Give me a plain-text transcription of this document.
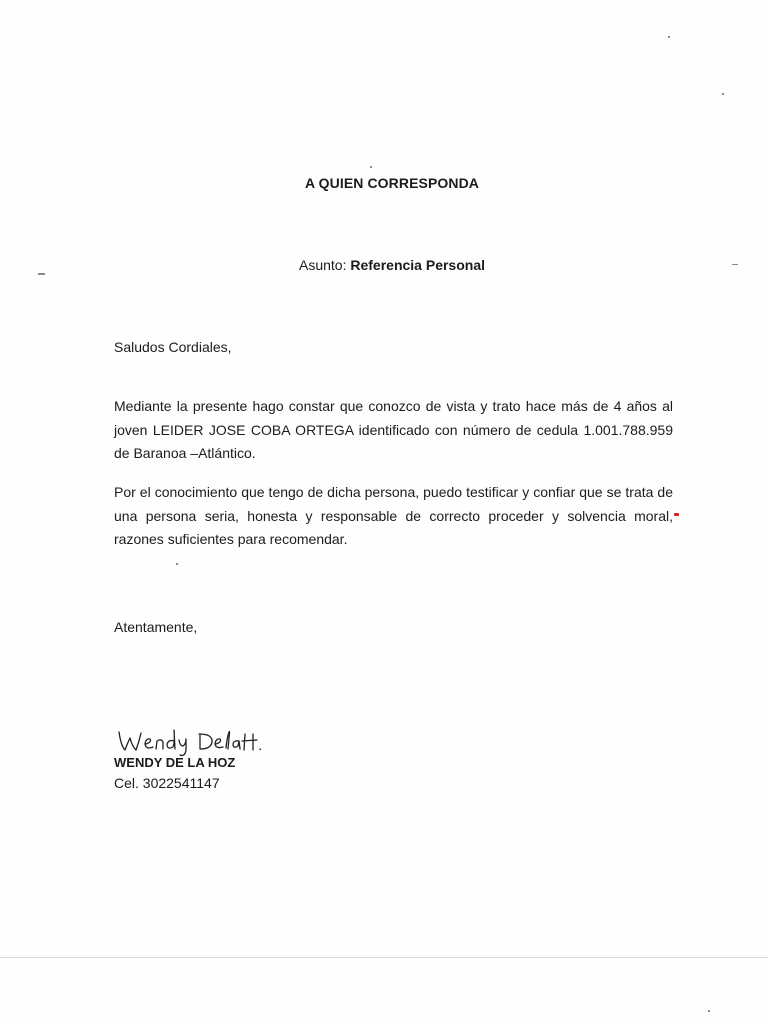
A QUIEN CORRESPONDA
Asunto: Referencia Personal
Saludos Cordiales,
Mediante la presente hago constar que conozco de vista y trato hace más de 4 años al joven LEIDER JOSE COBA ORTEGA identificado con número de cedula 1.001.788.959 de Baranoa –Atlántico.
Por el conocimiento que tengo de dicha persona, puedo testificar y confiar que se trata de una persona seria, honesta y responsable de correcto proceder y solvencia moral, razones suficientes para recomendar.
Atentamente,
WENDY DE LA HOZ
Cel. 3022541147
